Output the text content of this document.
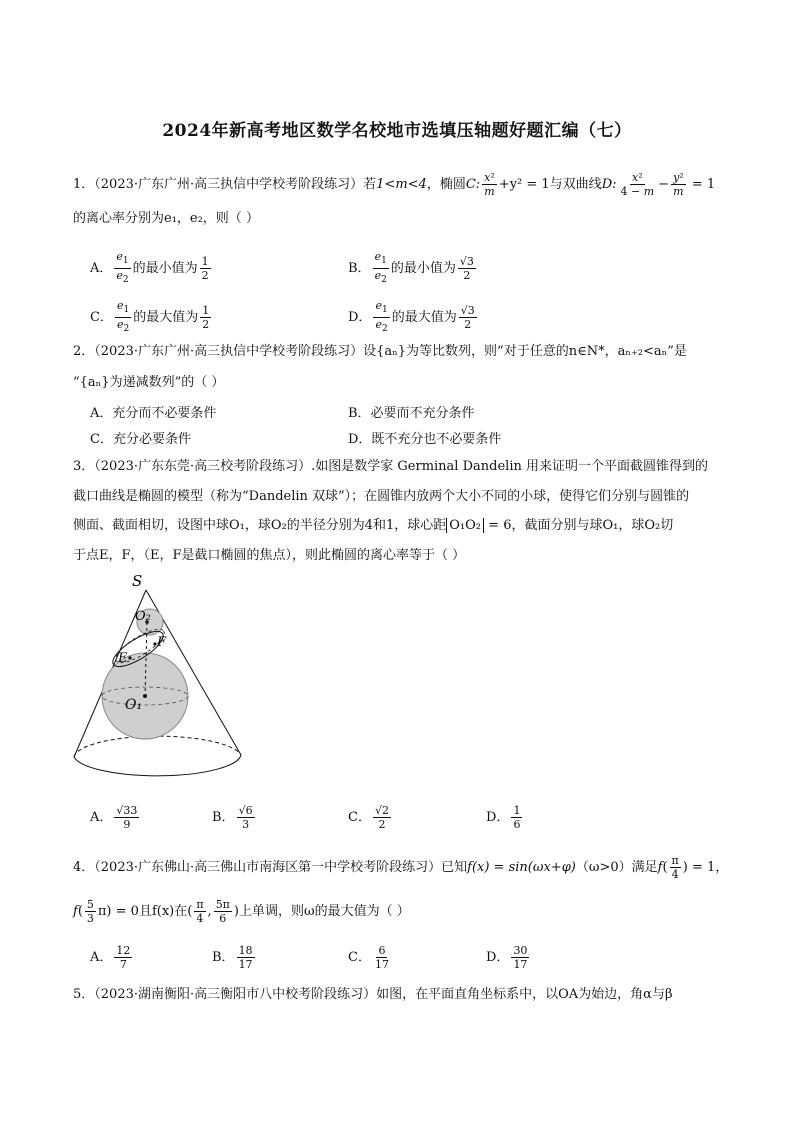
2024年新高考地区数学名校地市选填压轴题好题汇编（七）
1．（2023·广东广州·高三执信中学校考阶段练习）若1<m<4，椭圆C: $\frac{\text{x²}}{m} +y^2 = 1$与双曲线D: $\frac{\text{x²}}{4 - m} - \frac{\text{y²}}{m} = 1$
的离心率分别为e₁，e₂，则（ ）
A． $\frac{e_1}{e_2}$ 的最小值为 $\frac{1}{2}$	B． $\frac{e_1}{e_2}$ 的最小值为 $\frac{√3}{2}$
C． $\frac{e_1}{e_2}$ 的最大值为 $\frac{1}{2}$	D． $\frac{e_1}{e_2}$ 的最大值为 $\frac{√3}{2}$
2．（2023·广东广州·高三执信中学校考阶段练习）设{aₙ}为等比数列，则“对于任意的n∈N*，aₙ₊₂<aₙ”是
“{aₙ}为递减数列”的（ ）
A．充分而不必要条件	B．必要而不充分条件
C．充分必要条件	D．既不充分也不必要条件
3．（2023·广东东莞·高三校考阶段练习）.如图是数学家 Germinal Dandelin 用来证明一个平面截圆锥得到的
截口曲线是椭圆的模型（称为“Dandelin 双球”）；在圆锥内放两个大小不同的小球，使得它们分别与圆锥的
侧面、截面相切，设图中球O₁，球O₂的半径分别为4和1，球心距 O₁O₂ = 6，截面分别与球O₁，球O₂切
于点E，F，（E，F是截口椭圆的焦点），则此椭圆的离心率等于（ ）
S
O₂
O₁
E
F
A． $\frac{√33}{9}$	B． $\frac{√6}{3}$	C． $\frac{√2}{2}$	D． $\frac{1}{6}$
4．（2023·广东佛山·高三佛山市南海区第一中学校考阶段练习）已知f(x) = sin(ωx+φ)（ω>0）满足$f( \frac{\pi}{4}$ ) = 1，
$f( \frac{5}{3} \pi) = 0$且f(x)在( $\frac{\pi}{4}$ , $\frac{5\pi}{6}$ )上单调，则ω的最大值为（ ）
A． $\frac{12}{7}$	B． $\frac{18}{17}$	C． $\frac{6}{17}$	D． $\frac{30}{17}$
5．（2023·湖南衡阳·高三衡阳市八中校考阶段练习）如图，在平面直角坐标系中，以OA为始边，角α与β
